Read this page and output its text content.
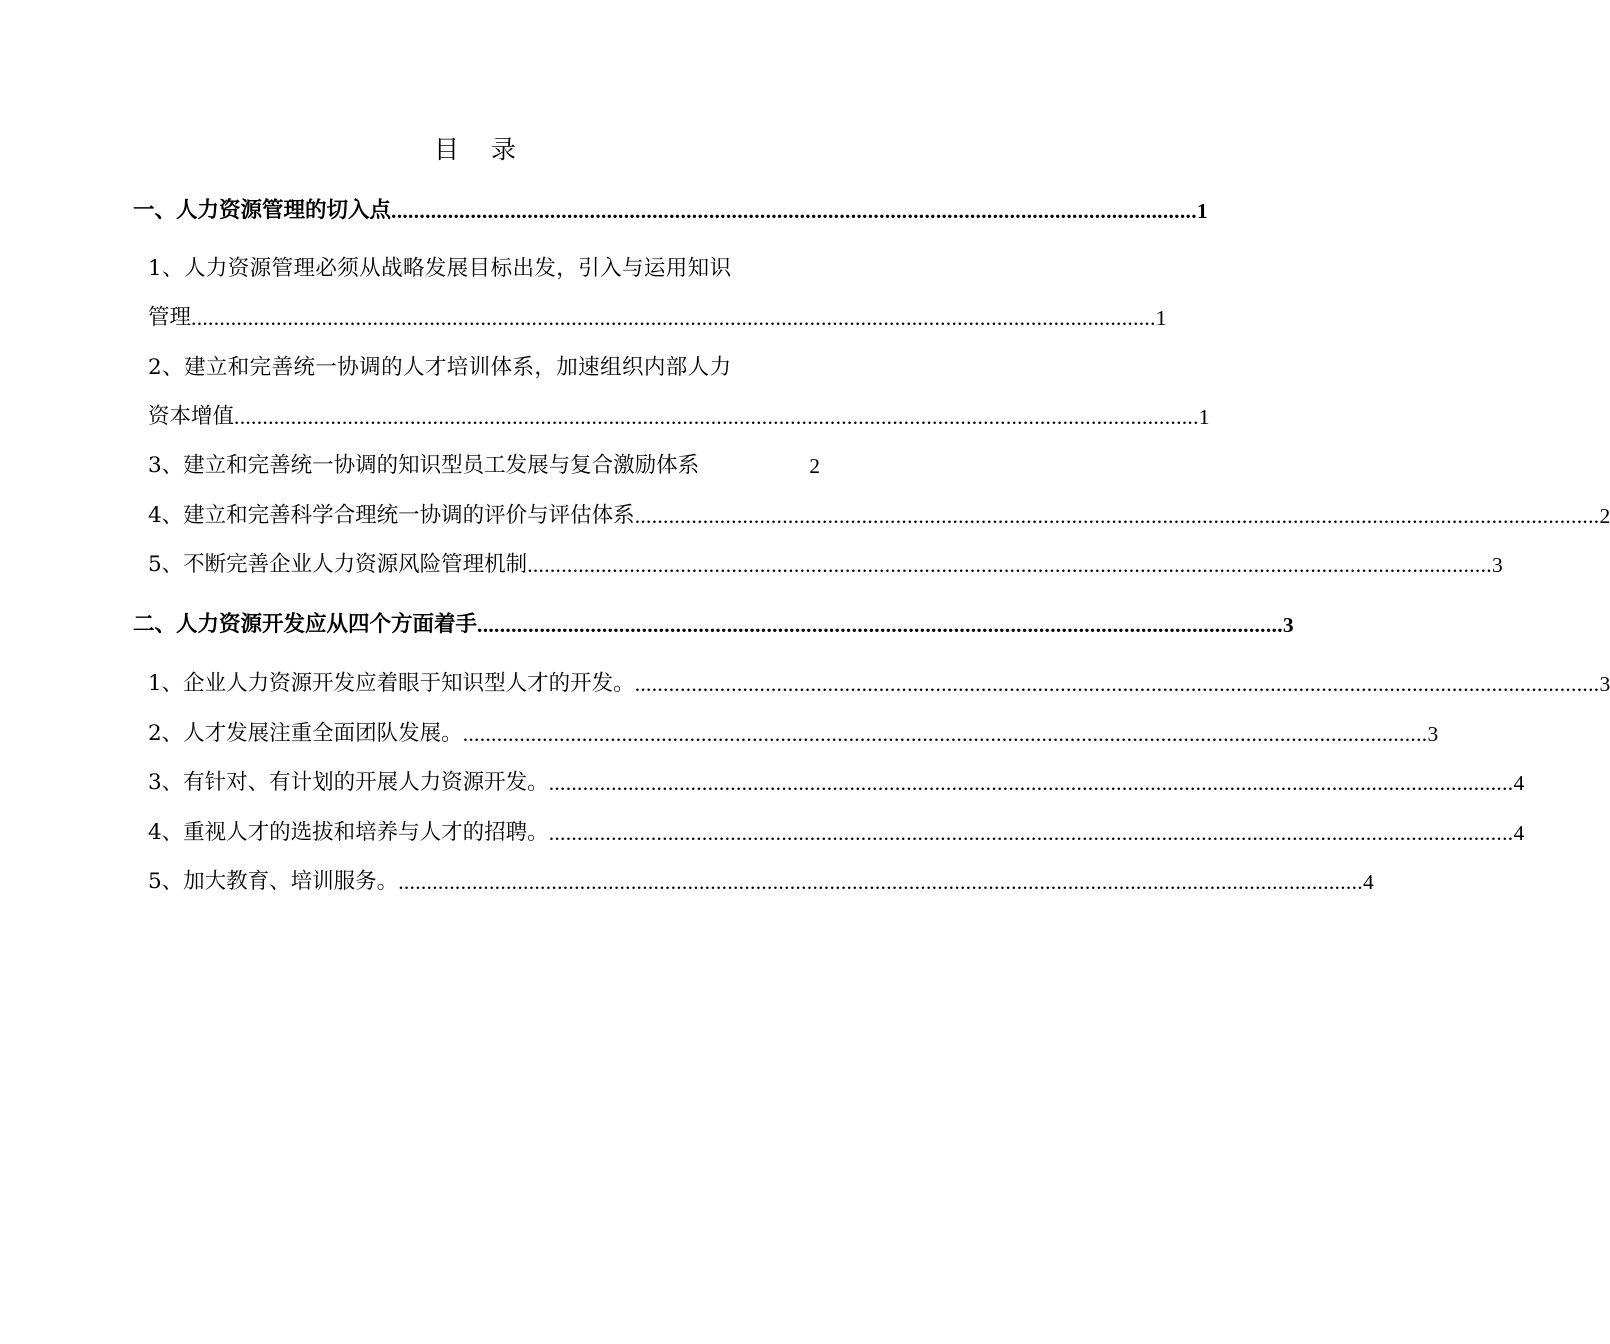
目 录
一、人力资源管理的切入点 .............................................................................................................................................. 1
1、人力资源管理必须从战略发展目标出发，引入与运用知识
管理 .......................................................................................................................................................................... 1
2、建立和完善统一协调的人才培训体系，加速组织内部人力
资本增值 .......................................................................................................................................................................... 1
3、建立和完善统一协调的知识型员工发展与复合激励体系	2
4、建立和完善科学合理统一协调的评价与评估体系 .......................................................................................................................................................................... 2
5、不断完善企业人力资源风险管理机制 .......................................................................................................................................................................... 3
二、人力资源开发应从四个方面着手 .............................................................................................................................................. 3
1、企业人力资源开发应着眼于知识型人才的开发。 .......................................................................................................................................................................... 3
2、人才发展注重全面团队发展。 .......................................................................................................................................................................... 3
3、有针对、有计划的开展人力资源开发。 .......................................................................................................................................................................... 4
4、重视人才的选拔和培养与人才的招聘。 .......................................................................................................................................................................... 4
5、加大教育、培训服务。 .......................................................................................................................................................................... 4
